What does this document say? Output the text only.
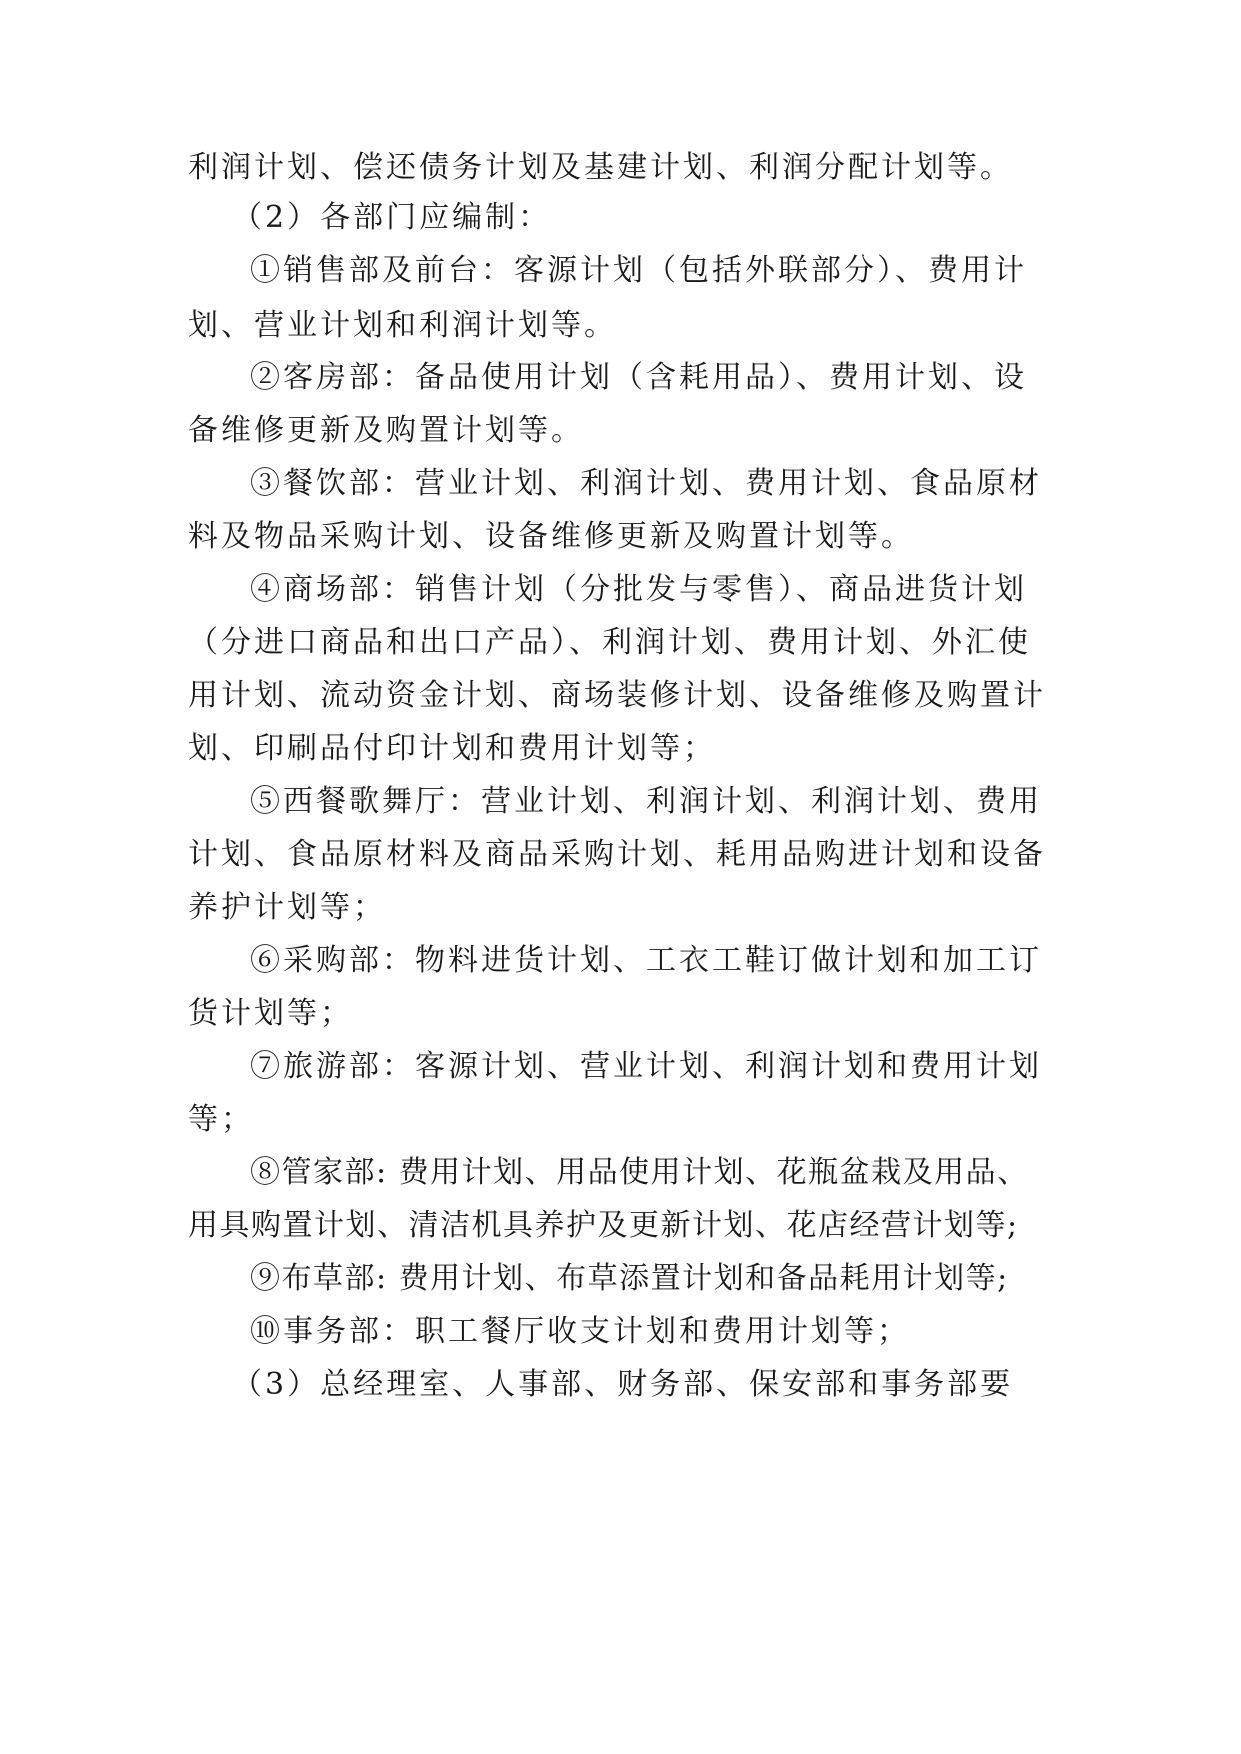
利润计划、偿还债务计划及基建计划、利润分配计划等。
（2）各部门应编制：
①销售部及前台：客源计划（包括外联部分）、费用计
划、营业计划和利润计划等。
②客房部：备品使用计划（含耗用品）、费用计划、设
备维修更新及购置计划等。
③餐饮部：营业计划、利润计划、费用计划、食品原材
料及物品采购计划、设备维修更新及购置计划等。
④商场部：销售计划（分批发与零售）、商品进货计划
（分进口商品和出口产品）、利润计划、费用计划、外汇使
用计划、流动资金计划、商场装修计划、设备维修及购置计
划、印刷品付印计划和费用计划等；
⑤西餐歌舞厅：营业计划、利润计划、利润计划、费用
计划、食品原材料及商品采购计划、耗用品购进计划和设备
养护计划等；
⑥采购部：物料进货计划、工衣工鞋订做计划和加工订
货计划等；
⑦旅游部：客源计划、营业计划、利润计划和费用计划
等；
⑧管家部: 费用计划、用品使用计划、花瓶盆栽及用品、
用具购置计划、清洁机具养护及更新计划、花店经营计划等;
⑨布草部: 费用计划、布草添置计划和备品耗用计划等;
⑩事务部：职工餐厅收支计划和费用计划等；
（3）总经理室、人事部、财务部、保安部和事务部要
